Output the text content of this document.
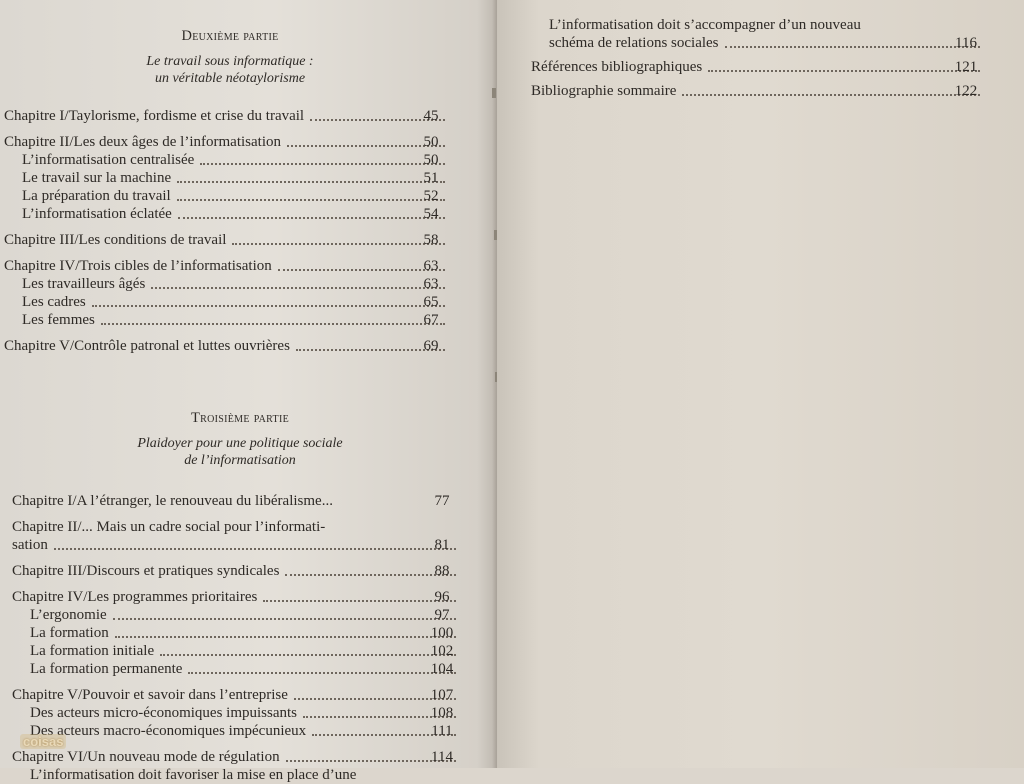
Deuxième partie
Le travail sous informatique :
un véritable néotaylorisme
Chapitre I/Taylorisme, fordisme et crise du travail	45
Chapitre II/Les deux âges de l’informatisation	50
L’informatisation centralisée	50
Le travail sur la machine	51
La préparation du travail	52
L’informatisation éclatée	54
Chapitre III/Les conditions de travail	58
Chapitre IV/Trois cibles de l’informatisation	63
Les travailleurs âgés	63
Les cadres	65
Les femmes	67
Chapitre V/Contrôle patronal et luttes ouvrières	69
Troisième partie
Plaidoyer pour une politique sociale
de l’informatisation
Chapitre I/A l’étranger, le renouveau du libéralisme...	77
Chapitre II/... Mais un cadre social pour l’informati-
sation	81
Chapitre III/Discours et pratiques syndicales	88
Chapitre IV/Les programmes prioritaires	96
L’ergonomie	97
La formation	100
La formation initiale	102
La formation permanente	104
Chapitre V/Pouvoir et savoir dans l’entreprise	107
Des acteurs micro-économiques impuissants	108
Des acteurs macro-économiques impécunieux	111
Chapitre VI/Un nouveau mode de régulation	114
L’informatisation doit favoriser la mise en place d’une
coisas
L’informatisation doit s’accompagner d’un nouveau
schéma de relations sociales	116
Références bibliographiques	121
Bibliographie sommaire	122
